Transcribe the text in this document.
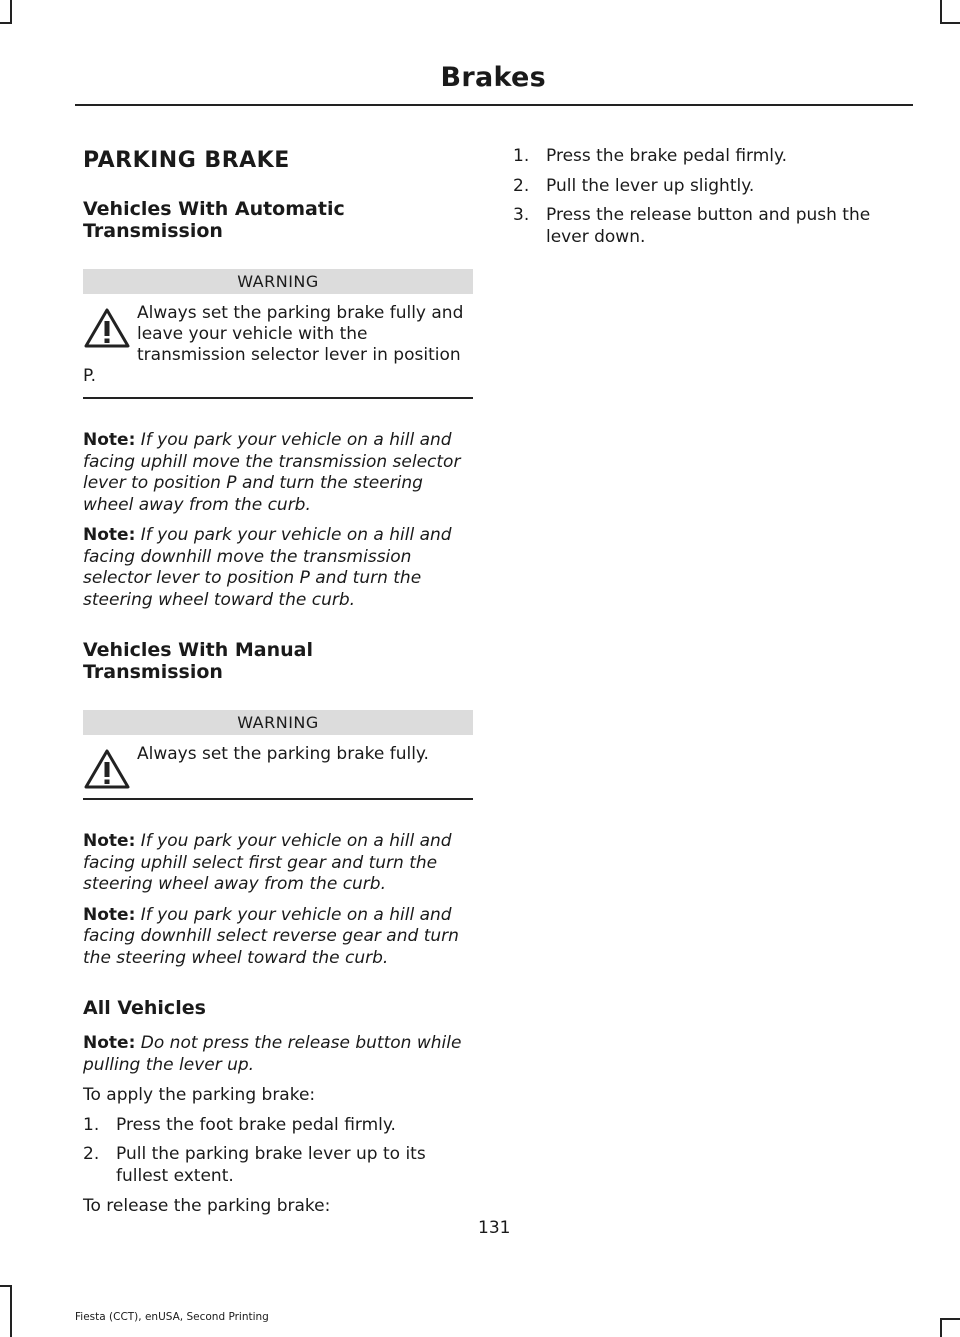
Brakes
PARKING BRAKE
Vehicles With Automatic Transmission
WARNING
Always set the parking brake fully and leave your vehicle with the transmission selector lever in position P.

Note: If you park your vehicle on a hill and facing uphill move the transmission selector lever to position P and turn the steering wheel away from the curb.

Note: If you park your vehicle on a hill and facing downhill move the transmission selector lever to position P and turn the steering wheel toward the curb.

Vehicles With Manual Transmission
WARNING
Always set the parking brake fully.

Note: If you park your vehicle on a hill and facing uphill select first gear and turn the steering wheel away from the curb.

Note: If you park your vehicle on a hill and facing downhill select reverse gear and turn the steering wheel toward the curb.

All Vehicles

Note: Do not press the release button while pulling the lever up.

To apply the parking brake:

1. Press the foot brake pedal firmly.
2. Pull the parking brake lever up to its fullest extent.

To release the parking brake:

1. Press the brake pedal firmly.
2. Pull the lever up slightly.
3. Press the release button and push the lever down.
131
Fiesta (CCT), enUSA, Second Printing
